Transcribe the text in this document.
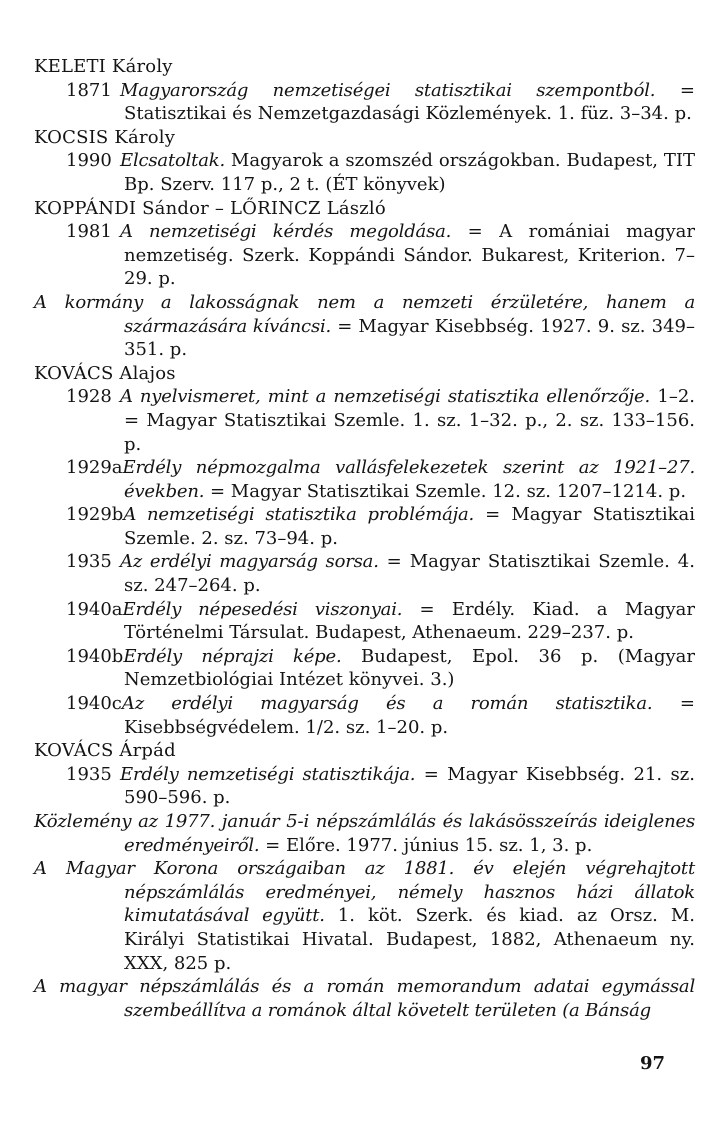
KELETI Károly

1871 Magyarország nemzetiségei statisztikai szempontból. = Statisztikai és Nemzetgazdasági Közlemények. 1. füz. 3–34. p.

KOCSIS Károly

1990 Elcsatoltak. Magyarok a szomszéd országokban. Budapest, TIT Bp. Szerv. 117 p., 2 t. (ÉT könyvek)

KOPPÁNDI Sándor – LŐRINCZ László

1981 A nemzetiségi kérdés megoldása. = A romániai magyar nemzetiség. Szerk. Koppándi Sándor. Bukarest, Kriterion. 7–29. p.

A kormány a lakosságnak nem a nemzeti érzületére, hanem a származására kíváncsi. = Magyar Kisebbség. 1927. 9. sz. 349–351. p.

KOVÁCS Alajos

1928 A nyelvismeret, mint a nemzetiségi statisztika ellenőrzője. 1–2. = Magyar Statisztikai Szemle. 1. sz. 1–32. p., 2. sz. 133–156. p.

1929aErdély népmozgalma vallásfelekezetek szerint az 1921–27. években. = Magyar Statisztikai Szemle. 12. sz. 1207–1214. p.

1929bA nemzetiségi statisztika problémája. = Magyar Statisztikai Szemle. 2. sz. 73–94. p.

1935 Az erdélyi magyarság sorsa. = Magyar Statisztikai Szemle. 4. sz. 247–264. p.

1940aErdély népesedési viszonyai. = Erdély. Kiad. a Magyar Történelmi Társulat. Budapest, Athenaeum. 229–237. p.

1940bErdély néprajzi képe. Budapest, Epol. 36 p. (Magyar Nemzetbiológiai Intézet könyvei. 3.)

1940cAz erdélyi magyarság és a román statisztika. = Kisebbségvédelem. 1/2. sz. 1–20. p.

KOVÁCS Árpád

1935 Erdély nemzetiségi statisztikája. = Magyar Kisebbség. 21. sz. 590–596. p.

Közlemény az 1977. január 5-i népszámlálás és lakásösszeírás ideiglenes eredményeiről. = Előre. 1977. június 15. sz. 1, 3. p.

A Magyar Korona országaiban az 1881. év elején végrehajtott népszámlálás eredményei, némely hasznos házi állatok kimutatásával együtt. 1. köt. Szerk. és kiad. az Orsz. M. Királyi Statistikai Hivatal. Budapest, 1882, Athenaeum ny. XXX, 825 p.

A magyar népszámlálás és a román memorandum adatai egymással szembeállítva a románok által követelt területen (a Bánság

97
